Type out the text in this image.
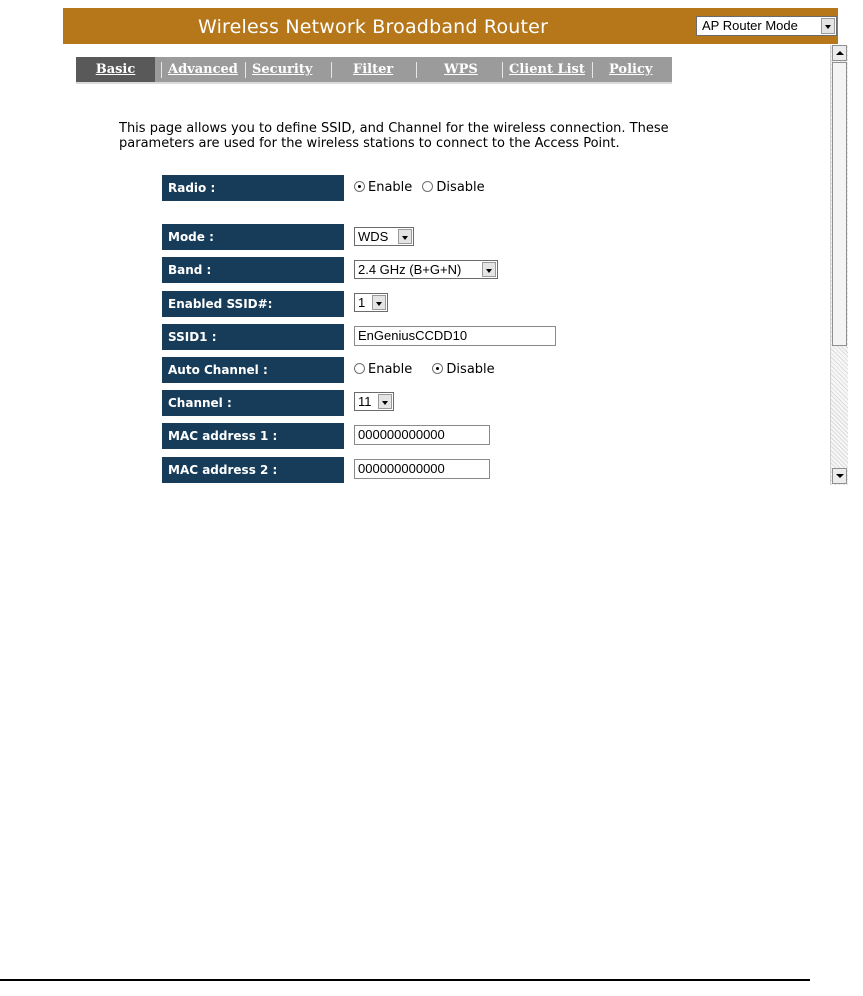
Wireless Network Broadband Router	AP Router Mode
Basic	Advanced Security	Filter	WPS Client List Policy
This page allows you to define SSID, and Channel for the wireless connection. These
parameters are used for the wireless stations to connect to the Access Point.
Radio :	Enable Disable
Mode :	WDS
Band :	2.4 GHz (B+G+N)
Enabled SSID#:	1
SSID1 :	EnGeniusCCDD10
Auto Channel :	Enable	Disable
Channel :	11
MAC address 1 :	000000000000
MAC address 2 :	000000000000
